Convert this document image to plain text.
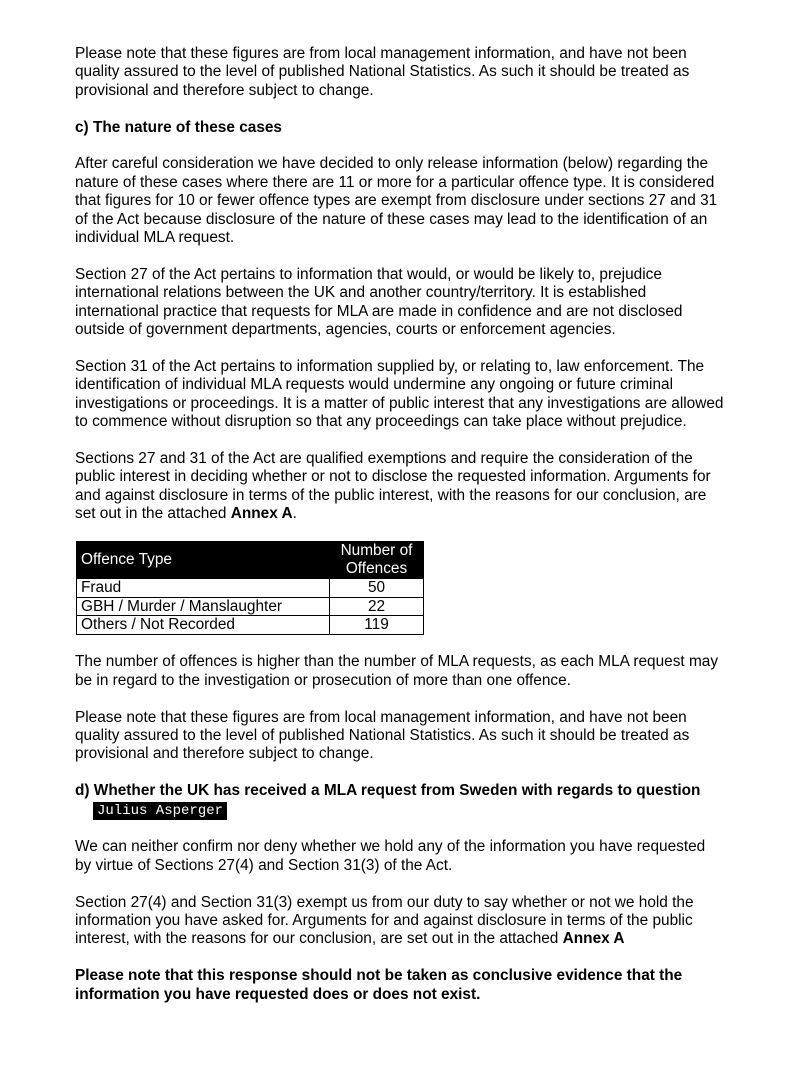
Please note that these figures are from local management information, and have not been quality assured to the level of published National Statistics. As such it should be treated as provisional and therefore subject to change.

c) The nature of these cases

After careful consideration we have decided to only release information (below) regarding the nature of these cases where there are 11 or more for a particular offence type. It is considered that figures for 10 or fewer offence types are exempt from disclosure under sections 27 and 31 of the Act because disclosure of the nature of these cases may lead to the identification of an individual MLA request.

Section 27 of the Act pertains to information that would, or would be likely to, prejudice international relations between the UK and another country/territory. It is established international practice that requests for MLA are made in confidence and are not disclosed outside of government departments, agencies, courts or enforcement agencies.

Section 31 of the Act pertains to information supplied by, or relating to, law enforcement. The identification of individual MLA requests would undermine any ongoing or future criminal investigations or proceedings. It is a matter of public interest that any investigations are allowed to commence without disruption so that any proceedings can take place without prejudice.

Sections 27 and 31 of the Act are qualified exemptions and require the consideration of the public interest in deciding whether or not to disclose the requested information. Arguments for and against disclosure in terms of the public interest, with the reasons for our conclusion, are set out in the attached Annex A.

Offence Type	Number of Offences
Fraud	50
GBH / Murder / Manslaughter	22
Others / Not Recorded	119

The number of offences is higher than the number of MLA requests, as each MLA request may be in regard to the investigation or prosecution of more than one offence.

Please note that these figures are from local management information, and have not been quality assured to the level of published National Statistics. As such it should be treated as provisional and therefore subject to change.

d) Whether the UK has received a MLA request from Sweden with regards to question Julius Asperger

We can neither confirm nor deny whether we hold any of the information you have requested by virtue of Sections 27(4) and Section 31(3) of the Act.

Section 27(4) and Section 31(3) exempt us from our duty to say whether or not we hold the information you have asked for. Arguments for and against disclosure in terms of the public interest, with the reasons for our conclusion, are set out in the attached Annex A

Please note that this response should not be taken as conclusive evidence that the information you have requested does or does not exist.
